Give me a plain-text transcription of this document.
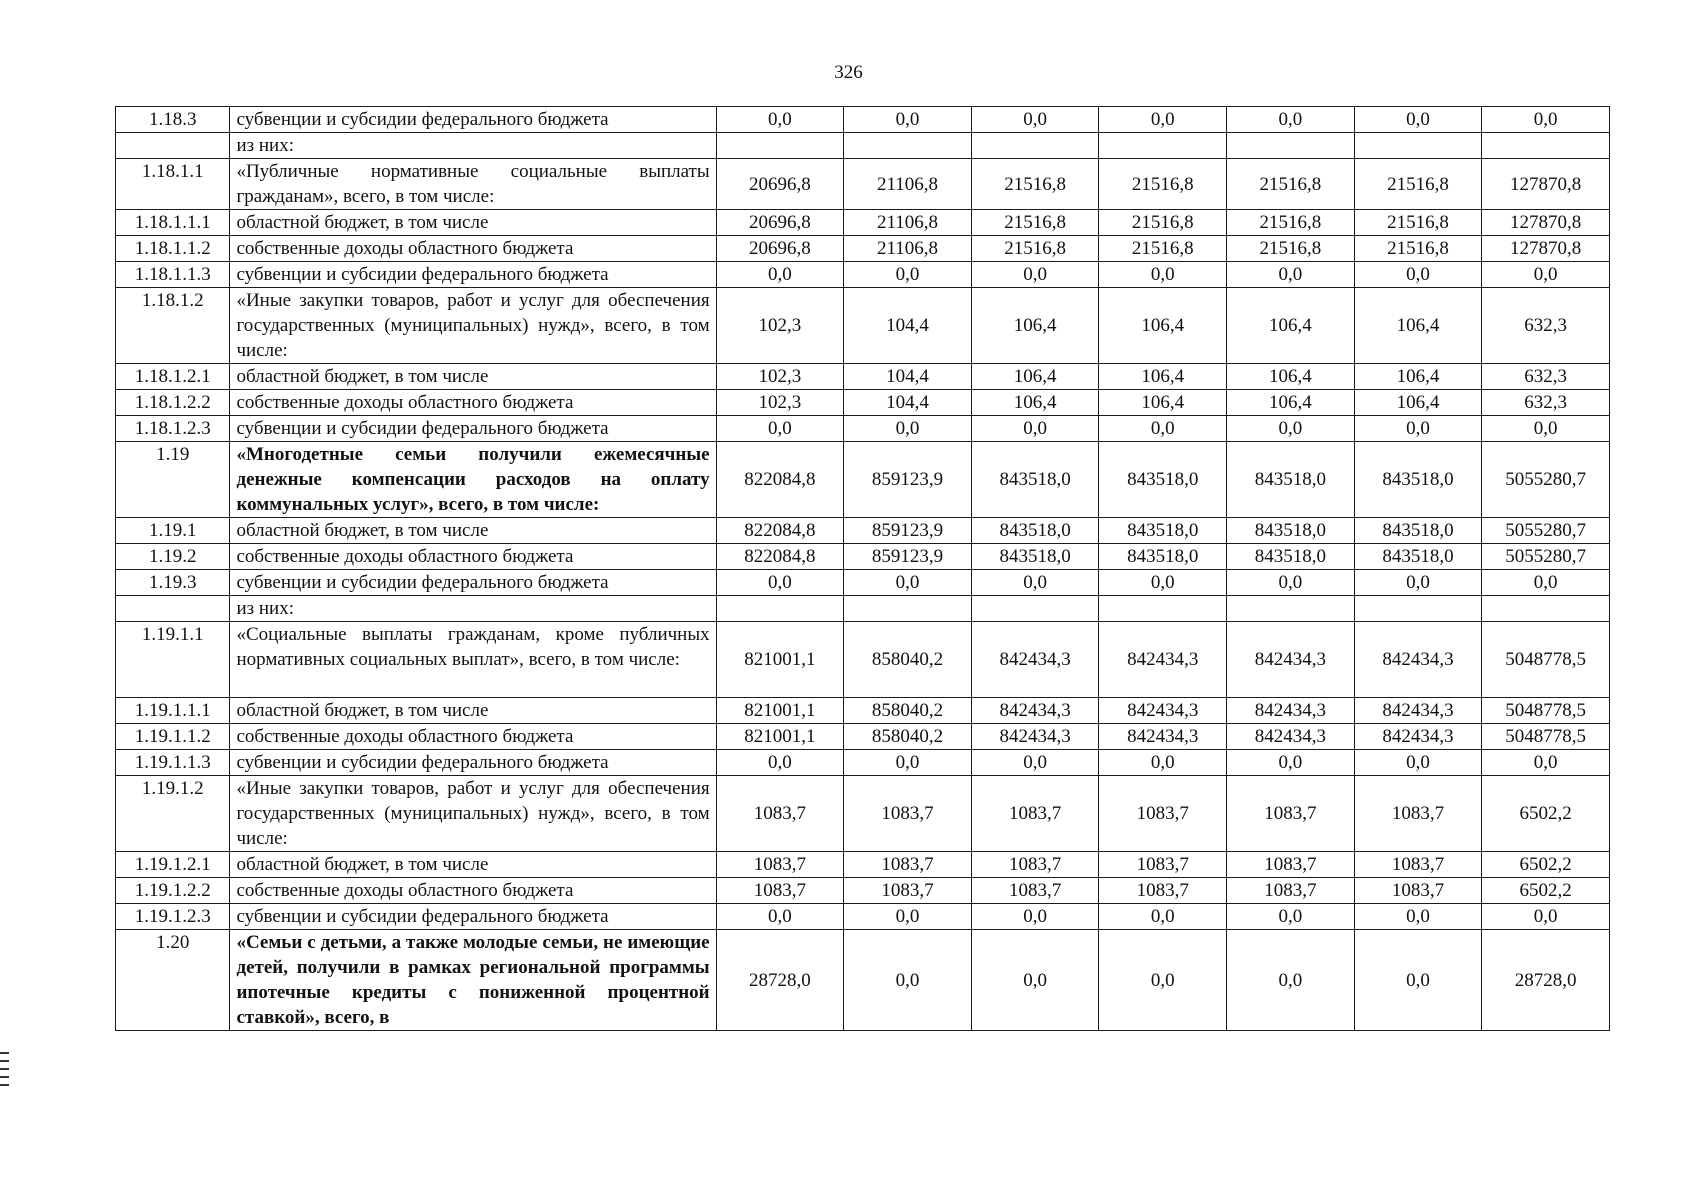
326
1.18.3	субвенции и субсидии федерального бюджета	0,0	0,0	0,0	0,0	0,0	0,0	0,0
	из них:							
1.18.1.1	«Публичные нормативные социальные выплаты гражданам», всего, в том числе:	20696,8	21106,8	21516,8	21516,8	21516,8	21516,8	127870,8
1.18.1.1.1	областной бюджет, в том числе	20696,8	21106,8	21516,8	21516,8	21516,8	21516,8	127870,8
1.18.1.1.2	собственные доходы областного бюджета	20696,8	21106,8	21516,8	21516,8	21516,8	21516,8	127870,8
1.18.1.1.3	субвенции и субсидии федерального бюджета	0,0	0,0	0,0	0,0	0,0	0,0	0,0
1.18.1.2	«Иные закупки товаров, работ и услуг для обеспечения государственных (муниципальных) нужд», всего, в том числе:	102,3	104,4	106,4	106,4	106,4	106,4	632,3
1.18.1.2.1	областной бюджет, в том числе	102,3	104,4	106,4	106,4	106,4	106,4	632,3
1.18.1.2.2	собственные доходы областного бюджета	102,3	104,4	106,4	106,4	106,4	106,4	632,3
1.18.1.2.3	субвенции и субсидии федерального бюджета	0,0	0,0	0,0	0,0	0,0	0,0	0,0
1.19	«Многодетные семьи получили ежемесячные денежные компенсации расходов на оплату коммунальных услуг», всего, в том числе:	822084,8	859123,9	843518,0	843518,0	843518,0	843518,0	5055280,7
1.19.1	областной бюджет, в том числе	822084,8	859123,9	843518,0	843518,0	843518,0	843518,0	5055280,7
1.19.2	собственные доходы областного бюджета	822084,8	859123,9	843518,0	843518,0	843518,0	843518,0	5055280,7
1.19.3	субвенции и субсидии федерального бюджета	0,0	0,0	0,0	0,0	0,0	0,0	0,0
	из них:							
1.19.1.1	«Социальные выплаты гражданам, кроме публичных нормативных социальных выплат», всего, в том числе:	821001,1	858040,2	842434,3	842434,3	842434,3	842434,3	5048778,5
1.19.1.1.1	областной бюджет, в том числе	821001,1	858040,2	842434,3	842434,3	842434,3	842434,3	5048778,5
1.19.1.1.2	собственные доходы областного бюджета	821001,1	858040,2	842434,3	842434,3	842434,3	842434,3	5048778,5
1.19.1.1.3	субвенции и субсидии федерального бюджета	0,0	0,0	0,0	0,0	0,0	0,0	0,0
1.19.1.2	«Иные закупки товаров, работ и услуг для обеспечения государственных (муниципальных) нужд», всего, в том числе:	1083,7	1083,7	1083,7	1083,7	1083,7	1083,7	6502,2
1.19.1.2.1	областной бюджет, в том числе	1083,7	1083,7	1083,7	1083,7	1083,7	1083,7	6502,2
1.19.1.2.2	собственные доходы областного бюджета	1083,7	1083,7	1083,7	1083,7	1083,7	1083,7	6502,2
1.19.1.2.3	субвенции и субсидии федерального бюджета	0,0	0,0	0,0	0,0	0,0	0,0	0,0
1.20	«Семьи с детьми, а также молодые семьи, не имеющие детей, получили в рамках региональной программы ипотечные кредиты с пониженной процентной ставкой», всего, в	28728,0	0,0	0,0	0,0	0,0	0,0	28728,0
